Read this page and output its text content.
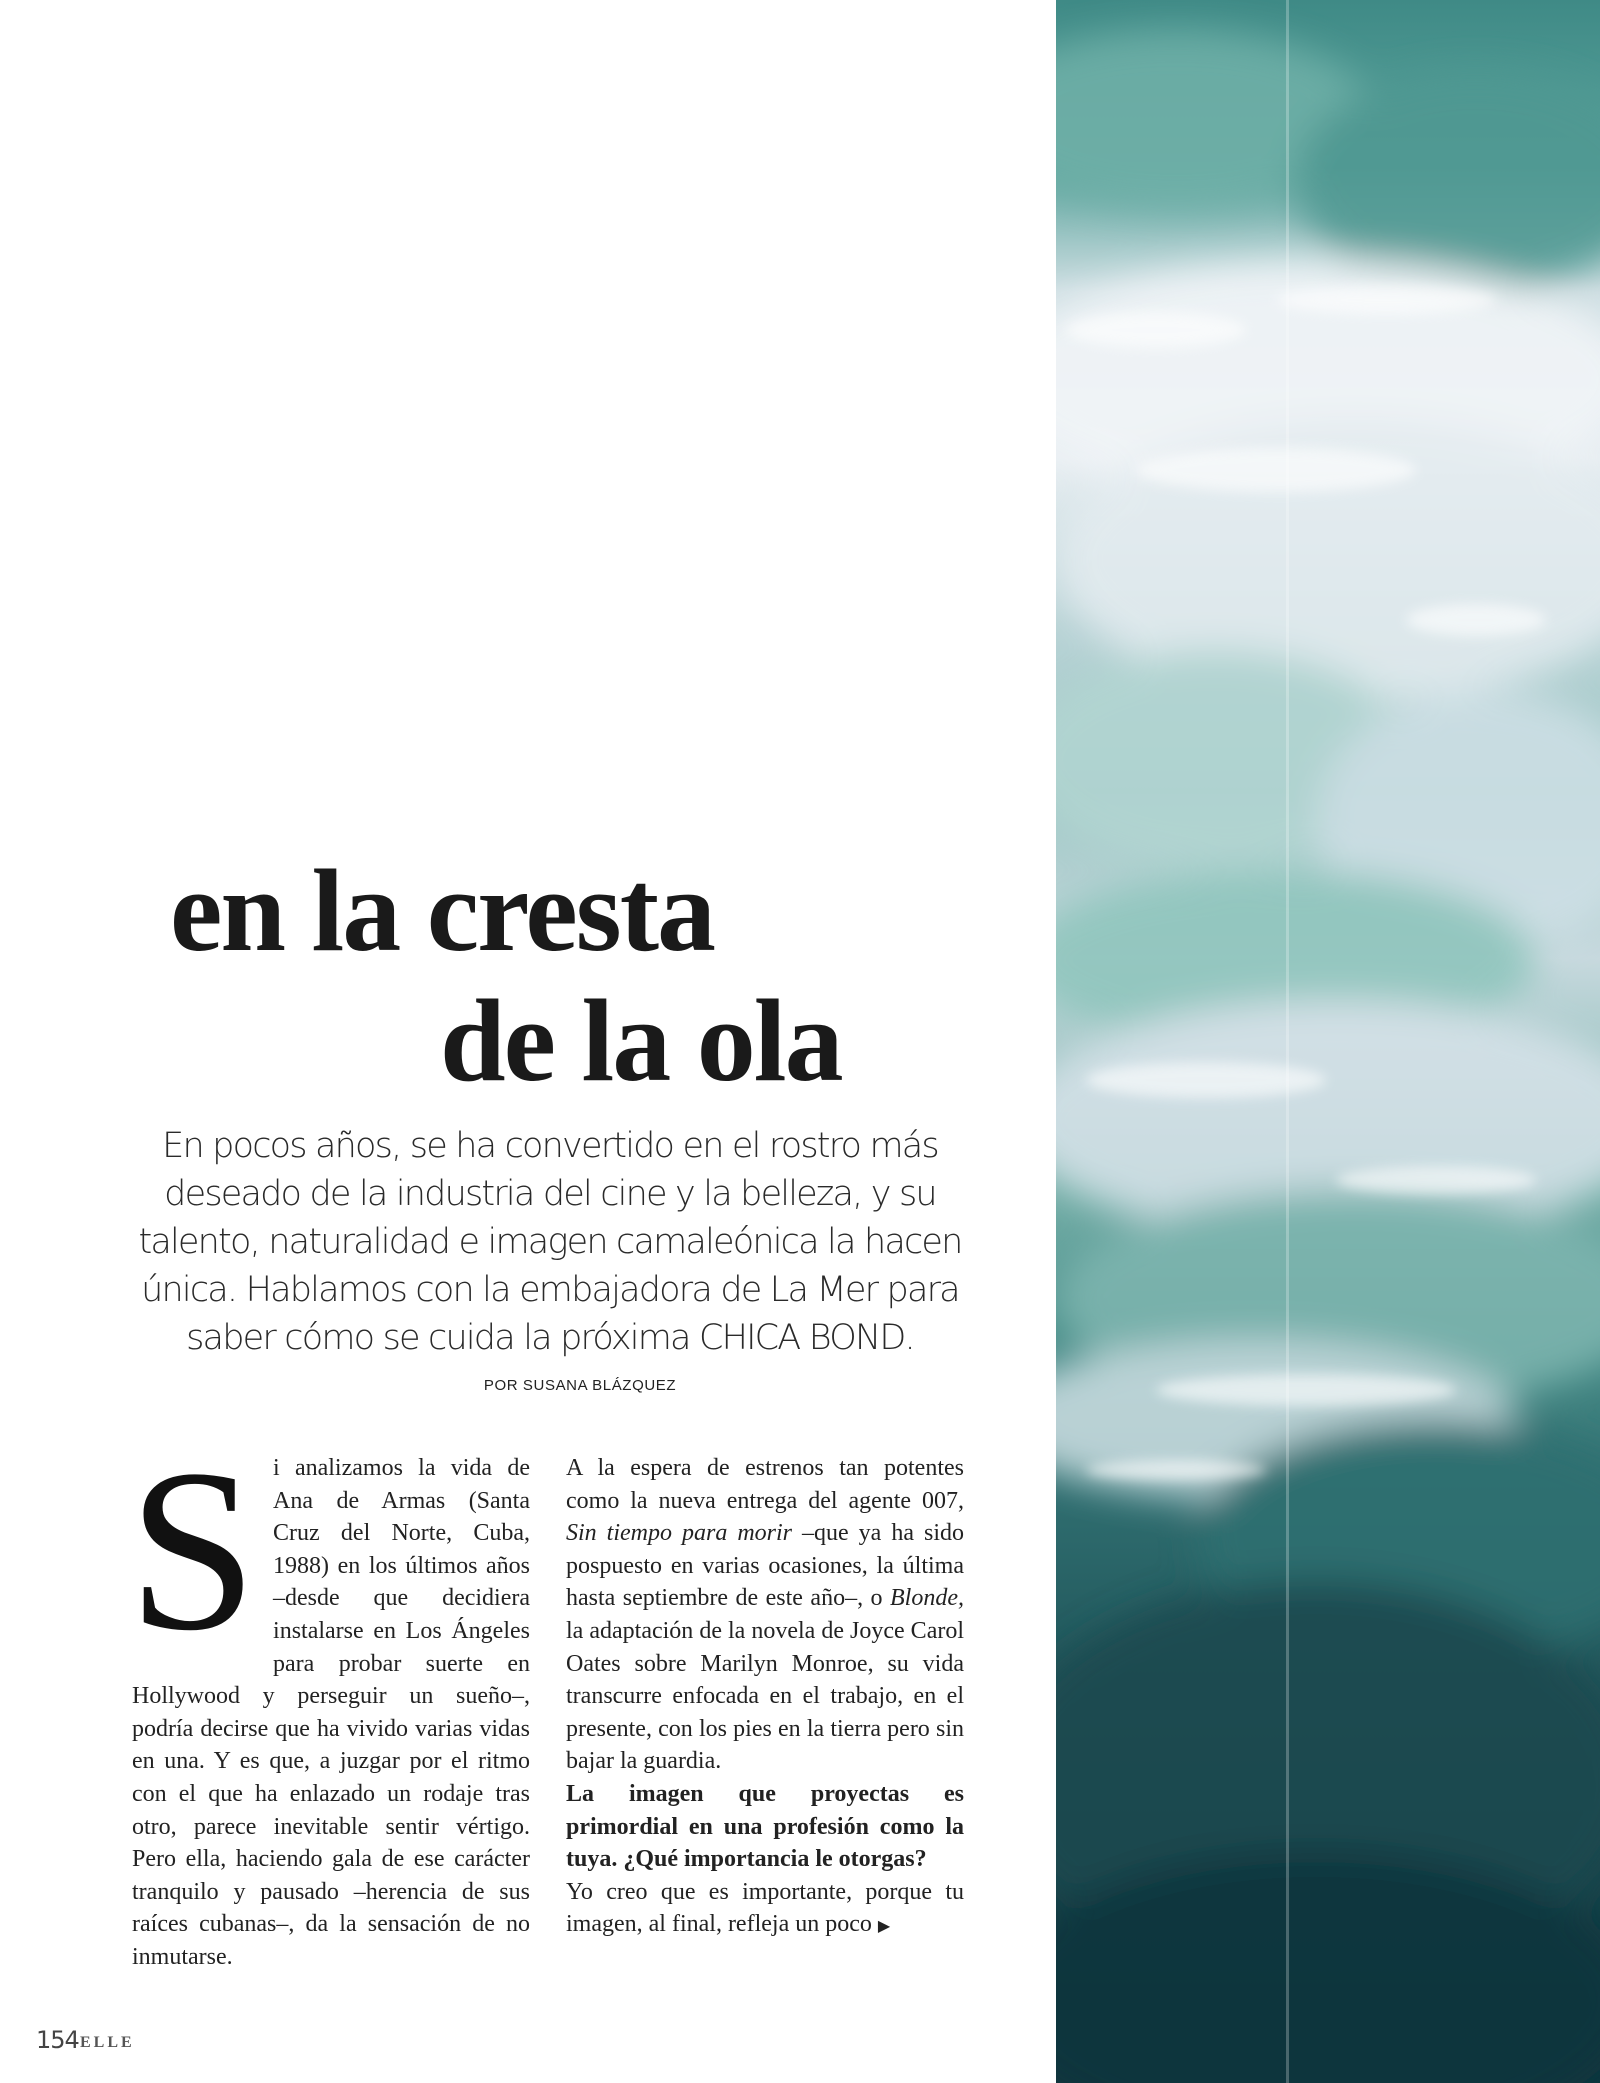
ANA
DE
ARMAS
en la cresta
de la ola

En pocos años, se ha convertido en el rostro más deseado de la industria del cine y la belleza, y su talento, naturalidad e imagen camaleónica la hacen única. Hablamos con la embajadora de La Mer para saber cómo se cuida la próxima CHICA BOND.

POR SUSANA BLÁZQUEZ

S i analizamos la vida de Ana de Armas (Santa Cruz del Norte, Cuba, 1988) en los últimos años –desde que decidiera instalarse en Los Ángeles para probar suerte en Hollywood y perseguir un sueño–, podría decirse que ha vivido varias vidas en una. Y es que, a juzgar por el ritmo con el que ha enlazado un rodaje tras otro, parece inevitable sentir vértigo. Pero ella, haciendo gala de ese carácter tranquilo y pausado –herencia de sus raíces cubanas–, da la sensación de no inmutarse.

A la espera de estrenos tan potentes como la nueva entrega del agente 007, Sin tiempo para morir –que ya ha sido pospuesto en varias ocasiones, la última hasta septiembre de este año–, o Blonde, la adaptación de la novela de Joyce Carol Oates sobre Marilyn Monroe, su vida transcurre enfocada en el trabajo, en el presente, con los pies en la tierra pero sin bajar la guardia.

La imagen que proyectas es primordial en una profesión como la tuya. ¿Qué importancia le otorgas?

Yo creo que es importante, porque tu imagen, al final, refleja un poco ▶

154 ELLE
